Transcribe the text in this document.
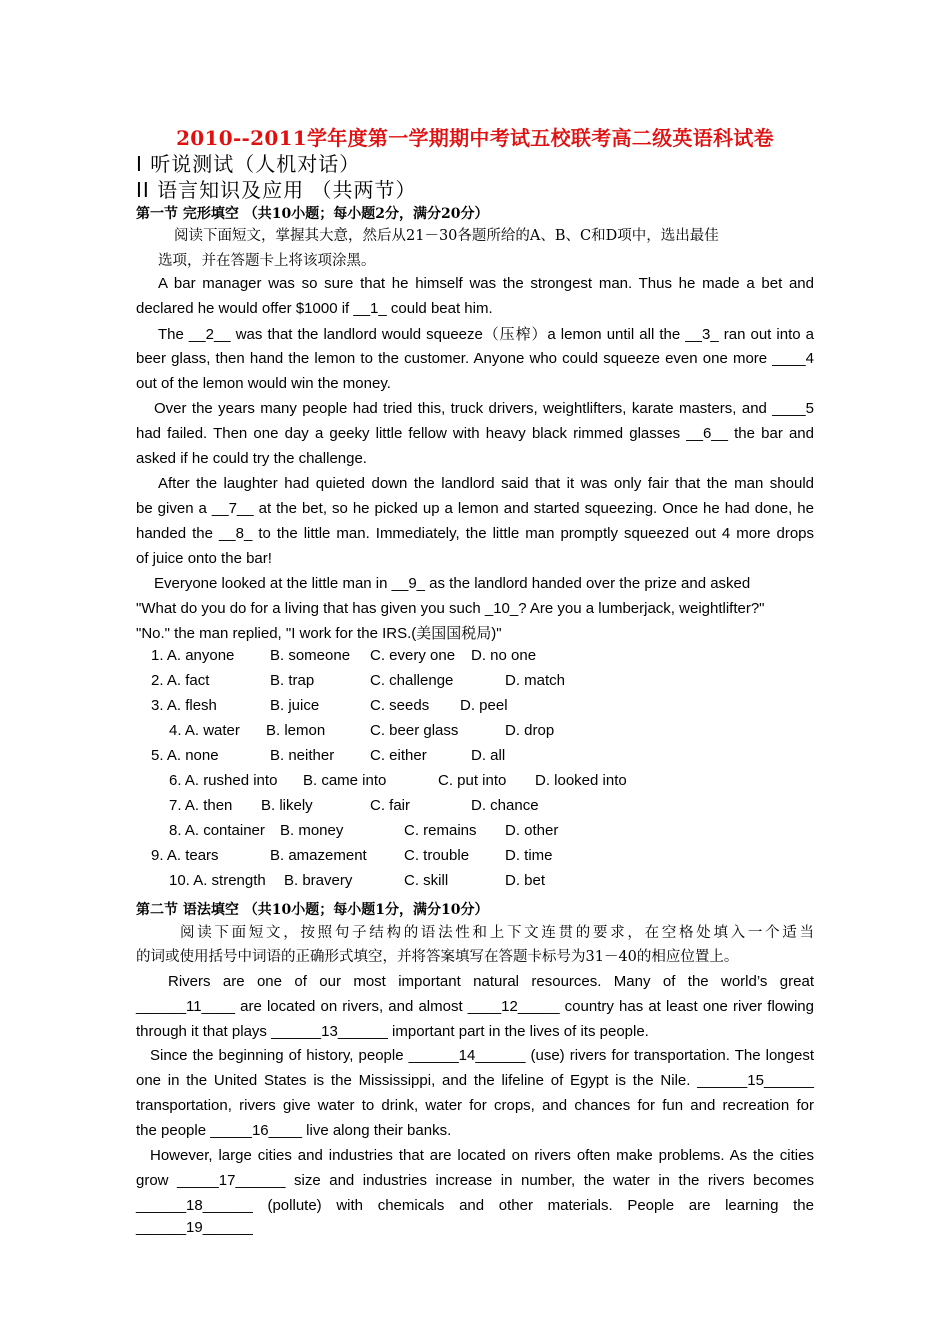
2010--2011学年度第一学期期中考试五校联考高二级英语科试卷
I 听说测试（人机对话）
II 语言知识及应用 （共两节）
第一节 完形填空 （共10小题；每小题2分，满分20分）
阅读下面短文，掌握其大意，然后从21－30各题所给的A、B、C和D项中，选出最佳
选项，并在答题卡上将该项涂黑。
A bar manager was so sure that he himself was the strongest man. Thus he made a bet and
declared he would offer $1000 if __1_ could beat him.
The __2__ was that the landlord would squeeze（压榨）a lemon until all the __3_ ran out into a
beer glass, then hand the lemon to the customer. Anyone who could squeeze even one more ____4
out of the lemon would win the money.
Over the years many people had tried this, truck drivers, weightlifters, karate masters, and ____5
had failed. Then one day a geeky little fellow with heavy black rimmed glasses __6__ the bar and
asked if he could try the challenge.
After the laughter had quieted down the landlord said that it was only fair that the man should
be given a __7__ at the bet, so he picked up a lemon and started squeezing. Once he had done, he
handed the __8_ to the little man. Immediately, the little man promptly squeezed out 4 more drops
of juice onto the bar!
Everyone looked at the little man in __9_ as the landlord handed over the prize and asked
"What do you do for a living that has given you such _10_? Are you a lumberjack, weightlifter?"
"No." the man replied, "I work for the IRS.(美国国税局)"
1. A. anyone B. someone C. every one D. no one
2. A. fact	B. trap	C. challenge	D. match
3. A. flesh	B. juice	C. seeds D. peel
4. A. water B. lemon	C. beer glass	D. drop
5. A. none	B. neither C. either	D. all
6. A. rushed into B. came into	C. put into D. looked into
7. A. then B. likely	C. fair	D. chance
8. A. container B. money	C. remains D. other
9. A. tears	B. amazement C. trouble D. time
10. A. strength B. bravery	C. skill	D. bet
第二节 语法填空 （共10小题；每小题1分，满分10分）
阅读下面短文，按照句子结构的语法性和上下文连贯的要求，在空格处填入一个适当
的词或使用括号中词语的正确形式填空，并将答案填写在答题卡标号为31－40的相应位置上。
Rivers are one of our most important natural resources. Many of the world’s great
______11____ are located on rivers, and almost ____12_____ country has at least one river flowing
through it that plays ______13______ important part in the lives of its people.
Since the beginning of history, people ______14______ (use) rivers for transportation. The longest
one in the United States is the Mississippi, and the lifeline of Egypt is the Nile. ______15______
transportation, rivers give water to drink, water for crops, and chances for fun and recreation for
the people _____16____ live along their banks.
However, large cities and industries that are located on rivers often make problems. As the cities
grow _____17______ size and industries increase in number, the water in the rivers becomes
______18______ (pollute) with chemicals and other materials. People are learning the ______19______
